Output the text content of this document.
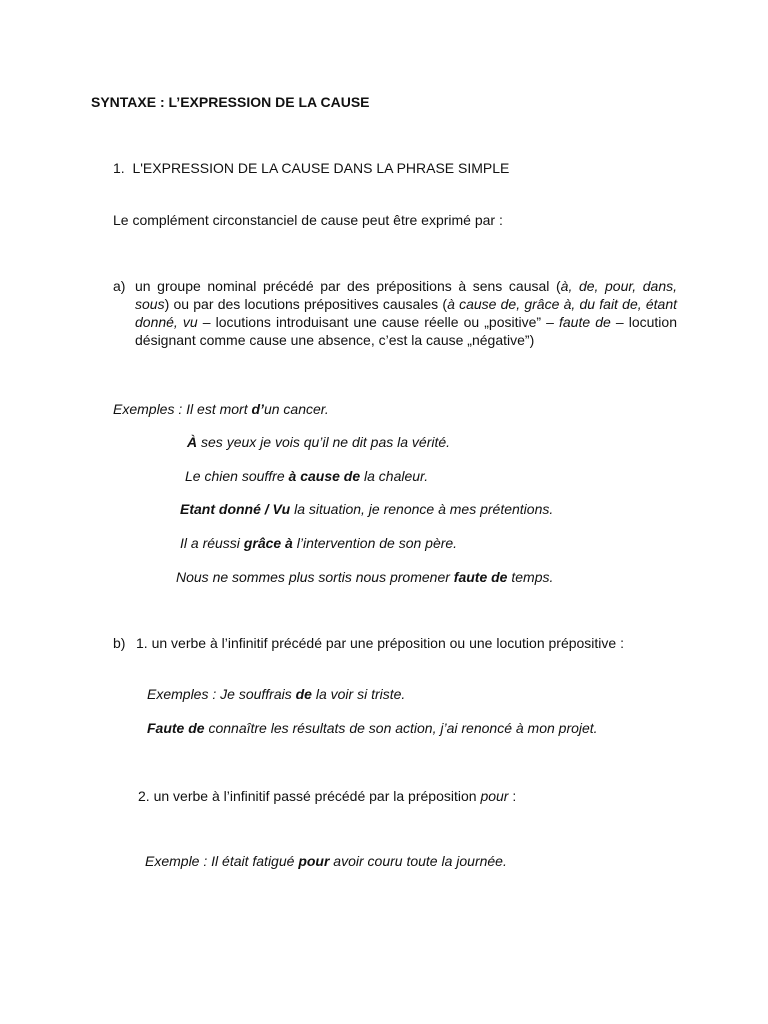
SYNTAXE : L’EXPRESSION DE LA CAUSE
1. L'EXPRESSION DE LA CAUSE DANS LA PHRASE SIMPLE
Le complément circonstanciel de cause peut être exprimé par :
a) un groupe nominal précédé par des prépositions à sens causal (à, de, pour, dans, sous) ou par des locutions prépositives causales (à cause de, grâce à, du fait de, étant donné, vu – locutions introduisant une cause réelle ou „positive” – faute de – locution désignant comme cause une absence, c’est la cause „négative”)
Exemples : Il est mort d’un cancer.
À ses yeux je vois qu’il ne dit pas la vérité.
Le chien souffre à cause de la chaleur.
Etant donné / Vu la situation, je renonce à mes prétentions.
Il a réussi grâce à l’intervention de son père.
Nous ne sommes plus sortis nous promener faute de temps.
b) 1. un verbe à l’infinitif précédé par une préposition ou une locution prépositive :
Exemples : Je souffrais de la voir si triste.
Faute de connaître les résultats de son action, j’ai renoncé à mon projet.
2. un verbe à l’infinitif passé précédé par la préposition pour :
Exemple : Il était fatigué pour avoir couru toute la journée.
